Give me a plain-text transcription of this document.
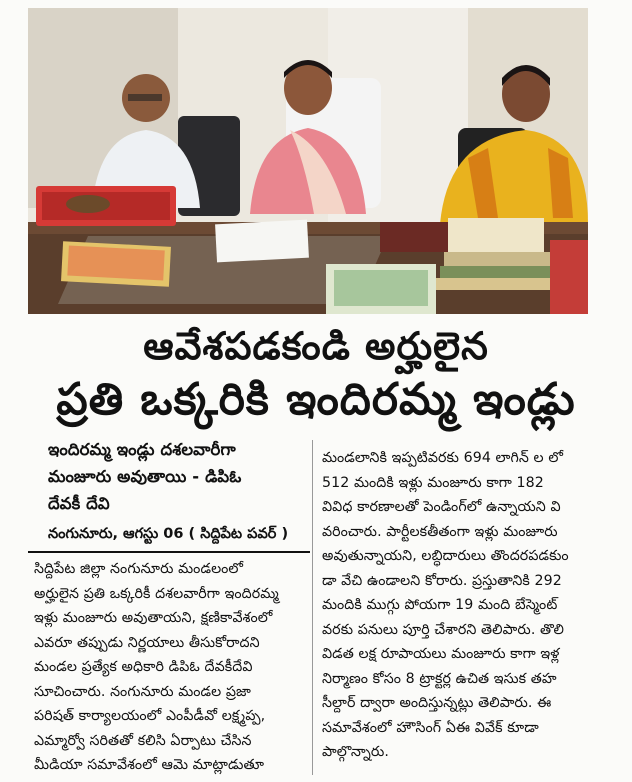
ఆవేశపడకండి అర్హులైన
ప్రతి ఒక్కరికి ఇందిరమ్మ ఇండ్లు
ఇందిరమ్మ ఇండ్లు దశలవారీగా
మంజూరు అవుతాయి - డిపిఓ
దేవకీ దేవి
నంగునూరు, ఆగస్టు 06 ( సిద్దిపేట పవర్ )
సిద్దిపేట జిల్లా నంగునూరు మండలంలో
అర్హులైన ప్రతి ఒక్కరికీ దశలవారీగా ఇందిరమ్మ
ఇళ్లు మంజూరు అవుతాయని, క్షణికావేశంలో
ఎవరూ తప్పుడు నిర్ణయాలు తీసుకోరాదని
మండల ప్రత్యేక అధికారి డిపిఓ దేవకీదేవి
సూచించారు. నంగునూరు మండల ప్రజా
పరిషత్ కార్యాలయంలో ఎంపీడీవో లక్ష్మప్ప,
ఎమ్మార్వో సరితతో కలిసి ఏర్పాటు చేసిన
మీడియా సమావేశంలో ఆమె మాట్లాడుతూ
మండలానికి ఇప్పటివరకు 694 లాగిన్ ల లో
512 మందికి ఇళ్లు మంజూరు కాగా 182
వివిధ కారణాలతో పెండింగ్‌లో ఉన్నాయని వి
వరించారు. పార్టీలకతీతంగా ఇళ్లు మంజూరు
అవుతున్నాయని, లబ్ధిదారులు తొందరపడకుం
డా వేచి ఉండాలని కోరారు. ప్రస్తుతానికి 292
మందికి ముగ్గు పోయగా 19 మంది బేస్మెంట్
వరకు పనులు పూర్తి చేశారని తెలిపారు. తొలి
విడత లక్ష రూపాయలు మంజూరు కాగా ఇళ్ల
నిర్మాణం కోసం 8 ట్రాక్టర్ల ఉచిత ఇసుక తహ
సీల్దార్ ద్వారా అందిస్తున్నట్లు తెలిపారు. ఈ
సమావేశంలో హౌసింగ్ ఏఈ వివేక్ కూడా
పాల్గొన్నారు.
